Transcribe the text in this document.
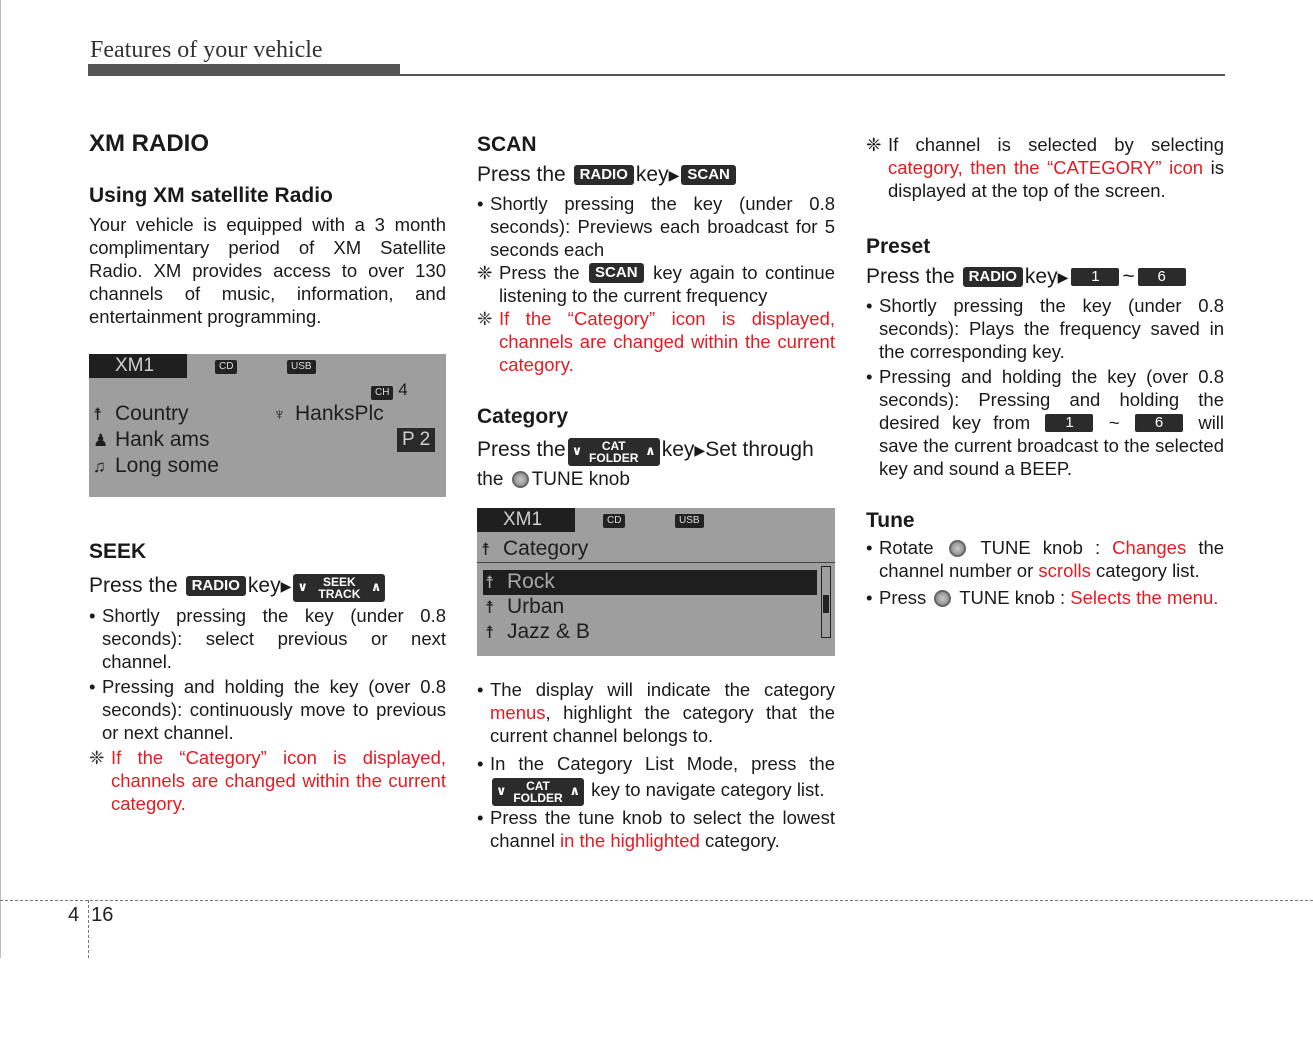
Features of your vehicle
XM RADIO
Using XM satellite Radio

Your vehicle is equipped with a 3 month complimentary period of XM Satellite Radio. XM provides access to over 130 channels of music, information, and entertainment programming.

XM1	CD	USB
CH 4
☨ Country	♆ HanksPlc
♟ Hank ams	P 2
♫ Long some
SEEK
Press the RADIO key▶ ∨	SEEK
TRACK ∧

• Shortly pressing the key (under 0.8 seconds): select previous or next channel.

• Pressing and holding the key (over 0.8 seconds): continuously move to previous or next channel.

❈ If the “Category” icon is displayed, channels are changed within the current category.

SCAN
Press the RADIO key▶ SCAN

• Shortly pressing the key (under 0.8 seconds): Previews each broadcast for 5 seconds each

❈ Press the SCAN key again to continue listening to the current frequency

❈ If the “Category” icon is displayed, channels are changed within the current category.

Category
Press the ∨	CAT
FOLDER ∧ key▶Set through
the TUNE knob
XM1	CD	USB
☨ Category
☨ Rock
☨ Urban
☨ Jazz & B

• The display will indicate the category menus, highlight the category that the current channel belongs to.

• In the Category List Mode, press the
∨	CAT
FOLDER ∧ key to navigate category list.

• Press the tune knob to select the lowest channel in the highlighted category.

❈ If channel is selected by selecting category, then the “CATEGORY” icon is displayed at the top of the screen.

Preset
Press the RADIO key▶ 1 ~ 6

• Shortly pressing the key (under 0.8 seconds): Plays the frequency saved in the corresponding key.

• Pressing and holding the key (over 0.8 seconds): Pressing and holding the desired key from 1 ~ 6 will save the current broadcast to the selected key and sound a BEEP.

Tune

• Rotate	TUNE knob : Changes the channel number or scrolls category list.

• Press TUNE knob : Selects the menu.

4 16
